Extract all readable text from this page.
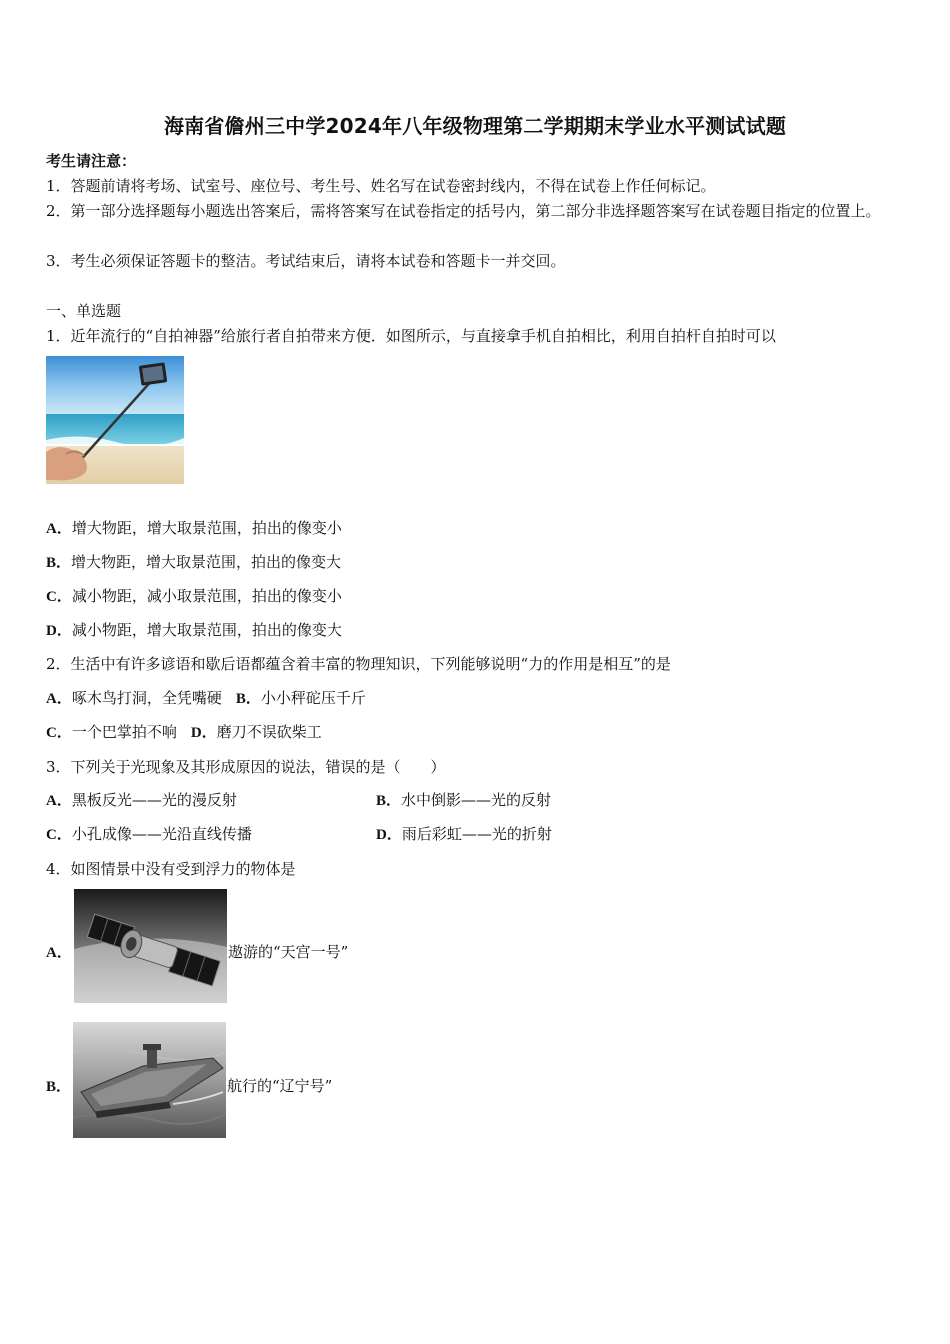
海南省儋州三中学2024年八年级物理第二学期期末学业水平测试试题
考生请注意：
1．答题前请将考场、试室号、座位号、考生号、姓名写在试卷密封线内，不得在试卷上作任何标记。
2．第一部分选择题每小题选出答案后，需将答案写在试卷指定的括号内，第二部分非选择题答案写在试卷题目指定的位置上。
3．考生必须保证答题卡的整洁。考试结束后，请将本试卷和答题卡一并交回。
一、单选题
1．近年流行的“自拍神器”给旅行者自拍带来方便．如图所示，与直接拿手机自拍相比，利用自拍杆自拍时可以
A．增大物距，增大取景范围，拍出的像变小
B．增大物距，增大取景范围，拍出的像变大
C．减小物距，减小取景范围，拍出的像变小
D．减小物距，增大取景范围，拍出的像变大
2．生活中有许多谚语和歇后语都蕴含着丰富的物理知识，下列能够说明“力的作用是相互”的是
A．啄木鸟打洞，全凭嘴硬 B．小小秤砣压千斤
C．一个巴掌拍不响 D．磨刀不误砍柴工
3．下列关于光现象及其形成原因的说法，错误的是（　　）
A．黑板反光——光的漫反射	B．水中倒影——光的反射
C．小孔成像——光沿直线传播	D．雨后彩虹——光的折射
4．如图情景中没有受到浮力的物体是
A．	遨游的“天宫一号”
B．	航行的“辽宁号”
